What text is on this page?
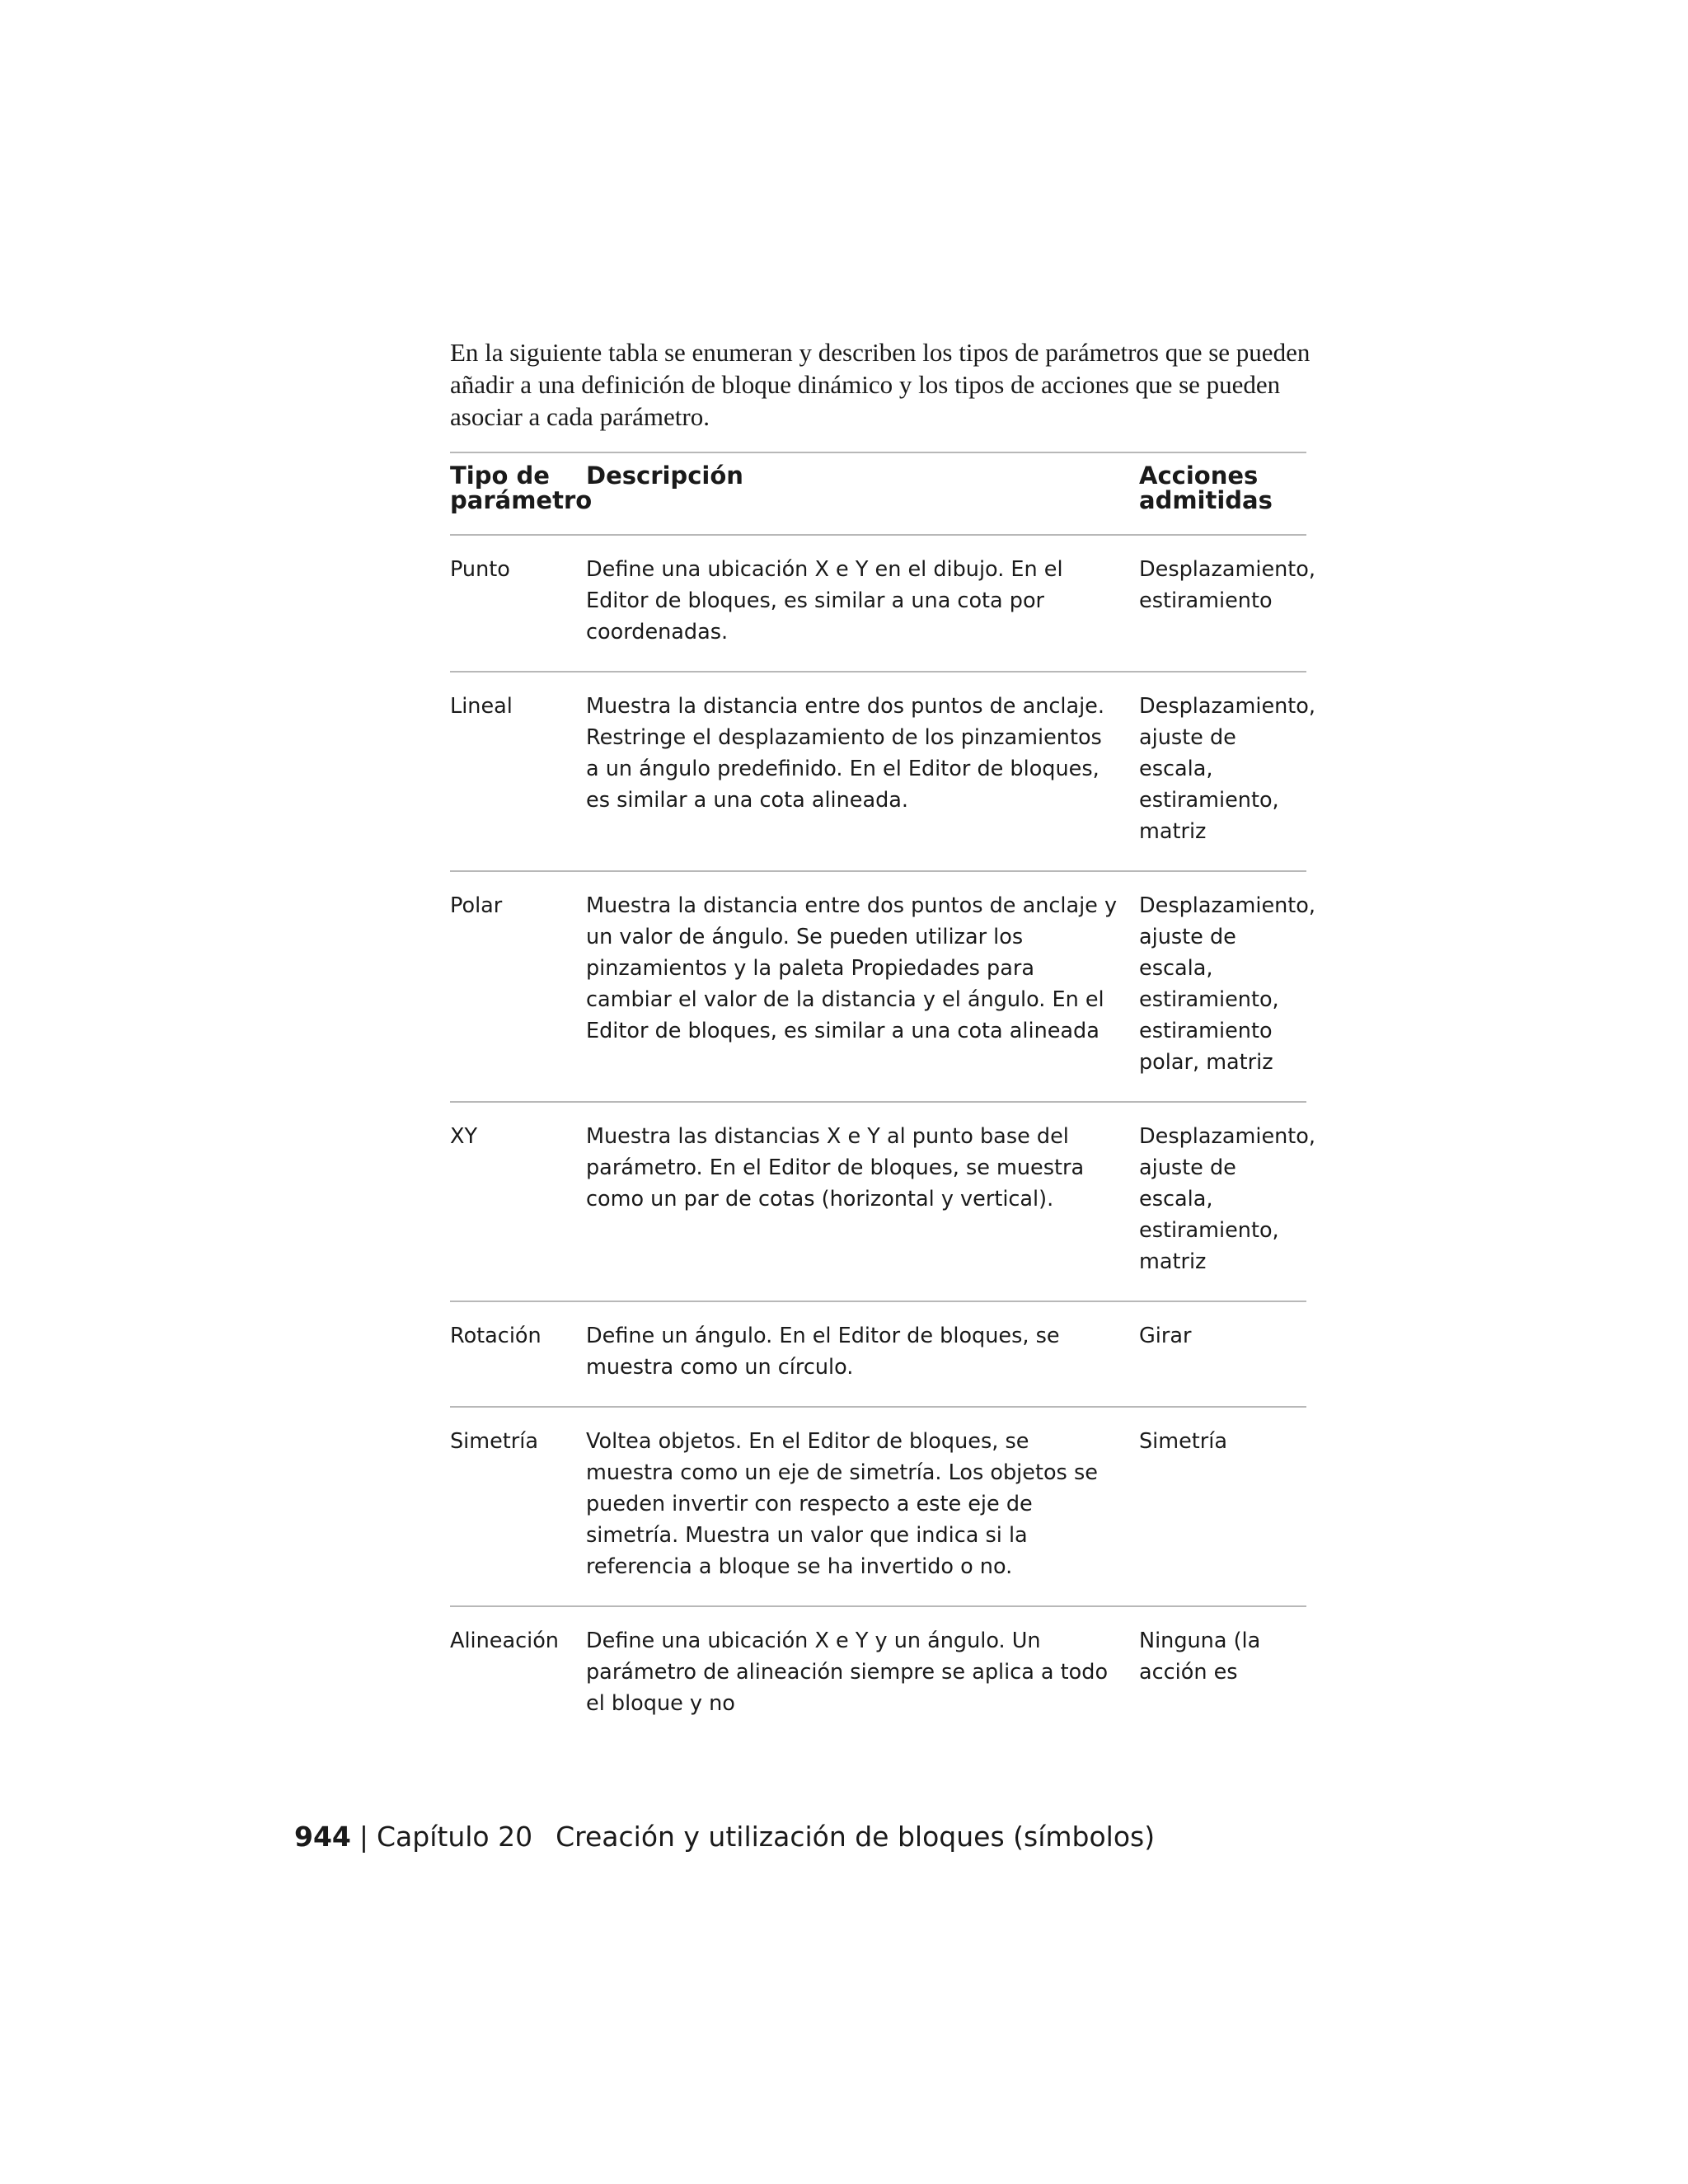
En la siguiente tabla se enumeran y describen los tipos de parámetros que se pueden añadir a una definición de bloque dinámico y los tipos de acciones que se pueden asociar a cada parámetro.

Tipo de parámetro	Descripción	Acciones admitidas
Punto	Define una ubicación X e Y en el dibujo. En el Editor de bloques, es similar a una cota por coordenadas.	Desplazamiento, estiramiento
Lineal	Muestra la distancia entre dos puntos de anclaje. Restringe el desplazamiento de los pinzamientos a un ángulo predefinido. En el Editor de bloques, es similar a una cota alineada.	Desplazamiento, ajuste de escala, estiramiento, matriz
Polar	Muestra la distancia entre dos puntos de anclaje y un valor de ángulo. Se pueden utilizar los pinzamientos y la paleta Propiedades para cambiar el valor de la distancia y el ángulo. En el Editor de bloques, es similar a una cota alineada	Desplazamiento, ajuste de escala, estiramiento, estiramiento polar, matriz
XY	Muestra las distancias X e Y al punto base del parámetro. En el Editor de bloques, se muestra como un par de cotas (horizontal y vertical).	Desplazamiento, ajuste de escala, estiramiento, matriz
Rotación	Define un ángulo. En el Editor de bloques, se muestra como un círculo.	Girar
Simetría	Voltea objetos. En el Editor de bloques, se muestra como un eje de simetría. Los objetos se pueden invertir con respecto a este eje de simetría. Muestra un valor que indica si la referencia a bloque se ha invertido o no.	Simetría
Alineación	Define una ubicación X e Y y un ángulo. Un parámetro de alineación siempre se aplica a todo el bloque y no	Ninguna (la acción es
944 | Capítulo 20 Creación y utilización de bloques (símbolos)
